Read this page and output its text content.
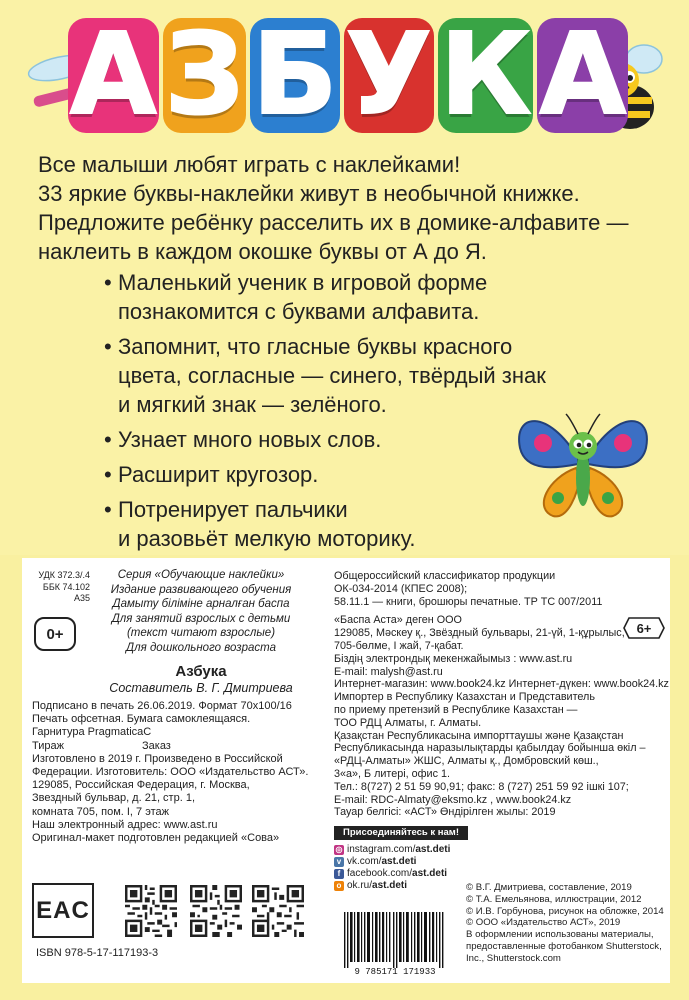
А З Б У К А

Все малыши любят играть с наклейками!

33 яркие буквы-наклейки живут в необычной книжке.

Предложите ребёнку расселить их в домике-алфавите —

наклеить в каждом окошке буквы от А до Я.

• Маленький ученик в игровой форме
познакомится с буквами алфавита.
• Запомнит, что гласные буквы красного
цвета, согласные — синего, твёрдый знак
и мягкий знак — зелёного.
• Узнает много новых слов.
• Расширит кругозор.
• Потренирует пальчики
и разовьёт мелкую моторику.
УДК 372.3/.4
ББК 74.102
А35
Серия «Обучающие наклейки»
Издание развивающего обучения
Дамыту біліміне арналған баспа
Для занятий взрослых с детьми
(текст читают взрослые)
Для дошкольного возраста
0+
Азбука
Составитель В. Г. Дмитриева
Подписано в печать 26.06.2019. Формат 70х100/16
Печать офсетная. Бумага самоклеящаяся.
Гарнитура PragmaticaC
Тираж	Заказ
Изготовлено в 2019 г. Произведено в Российской
Федерации. Изготовитель: ООО «Издательство АСТ».
129085, Российская Федерация, г. Москва,
Звездный бульвар, д. 21, стр. 1,
комната 705, пом. I, 7 этаж
Наш электронный адрес: www.ast.ru
Оригинал-макет подготовлен редакцией «Сова»
Общероссийский классификатор продукции
ОК-034-2014 (КПЕС 2008);
58.11.1 — книги, брошюры печатные. ТР ТС 007/2011
«Баспа Аста» деген ООО
129085, Мәскеу қ., Звёздный бульвары, 21-үй, 1-құрылыс,
705-бөлме, I жай, 7-қабат.
Біздің электрондық мекенжайымыз : www.ast.ru
E-mail: malysh@ast.ru
Интернет-магазин: www.book24.kz Интернет-дүкен: www.book24.kz
Импортер в Республику Казахстан и Представитель
по приему претензий в Республике Казахстан —
ТОО РДЦ Алматы, г. Алматы.
Қазақстан Республикасына импорттаушы және Қазақстан
Республикасында наразылықтарды қабылдау бойынша өкіл –
«РДЦ-Алматы» ЖШС, Алматы қ., Домбровский көш.,
3«а», Б литері, офис 1.
Тел.: 8(727) 2 51 59 90,91; факс: 8 (727) 251 59 92 ішкі 107;
E-mail: RDC-Almaty@eksmo.kz , www.book24.kz
Тауар белгісі: «АСТ» Өндірілген жылы: 2019
6+
Присоединяйтесь к нам!
◎ instagram.com/ ast.deti
v vk.com/ ast.deti
f facebook.com/ ast.deti
o ok.ru/ ast.deti	© В.Г. Дмитриева, составление, 2019
© Т.А. Емельянова, иллюстрации, 2012
© И.В. Горбунова, рисунок на обложке, 2014
© ООО «Издательство АСТ», 2019
В оформлении использованы материалы,
предоставленные фотобанком Shutterstock,
Inc., Shutterstock.com
EAC
ISBN 978-5-17-117193-3
9 785171 171933
